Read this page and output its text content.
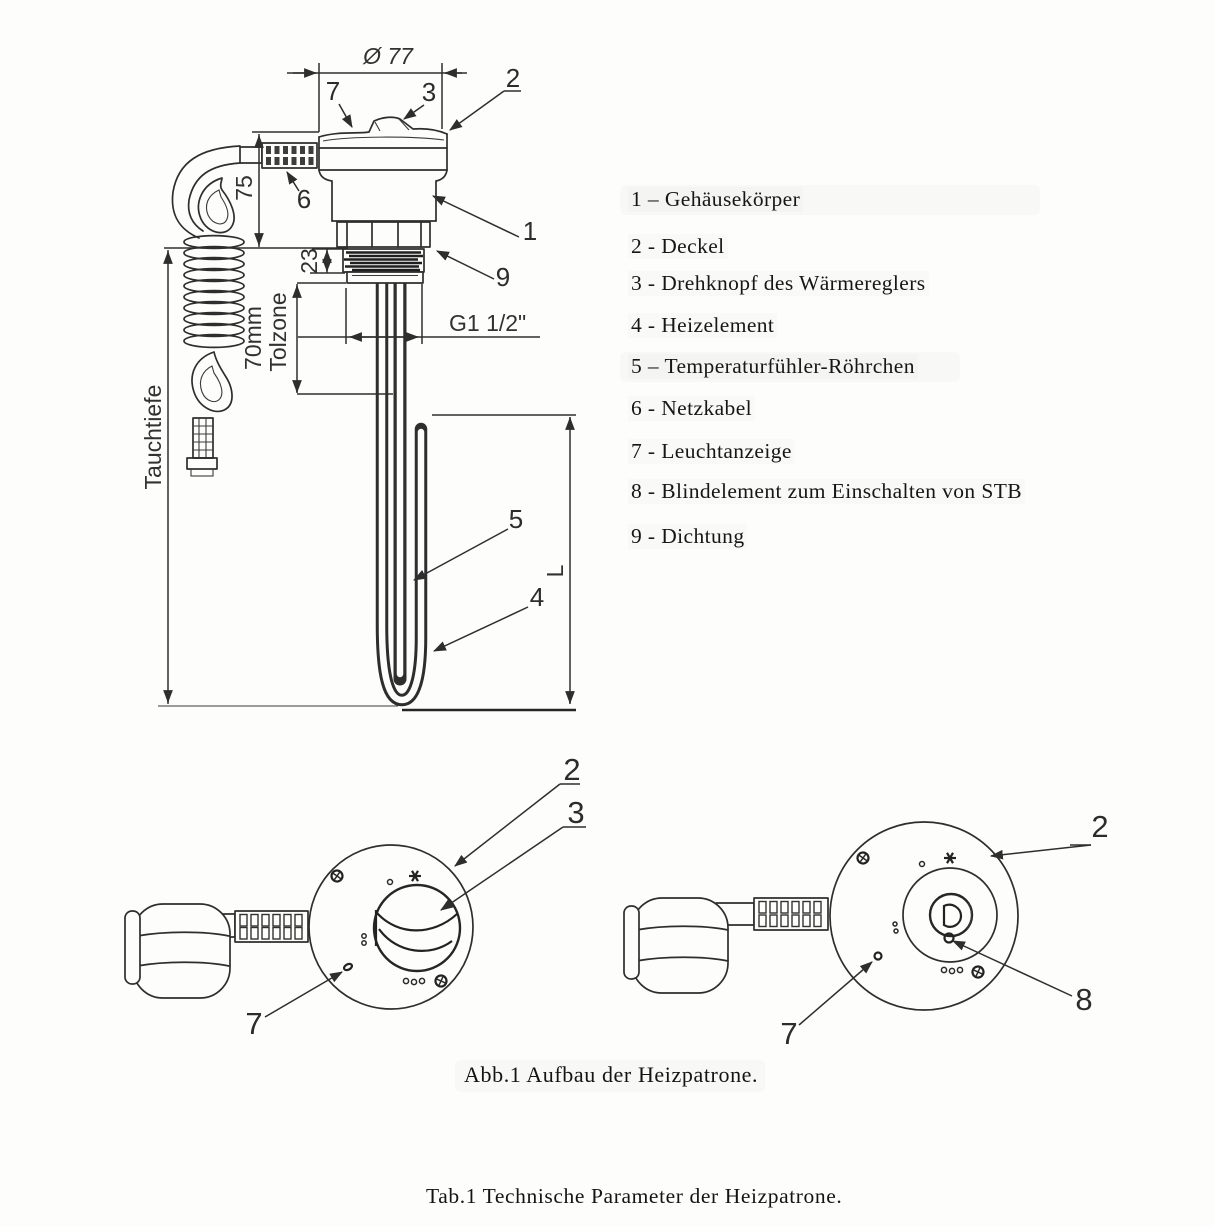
Ø 77
75
23
G1 1/2"
70mm Tolzone
Tauchtiefe
L
7	3	2
6
1
9
5
4
2
3
7
2
8
7
1 – Gehäusekörper
2 - Deckel
3 - Drehknopf des Wärmereglers
4 - Heizelement
5 – Temperaturfühler-Röhrchen
6 - Netzkabel
7 - Leuchtanzeige
8 - Blindelement zum Einschalten von STB
9 - Dichtung
Abb.1 Aufbau der Heizpatrone.
Tab.1 Technische Parameter der Heizpatrone.
